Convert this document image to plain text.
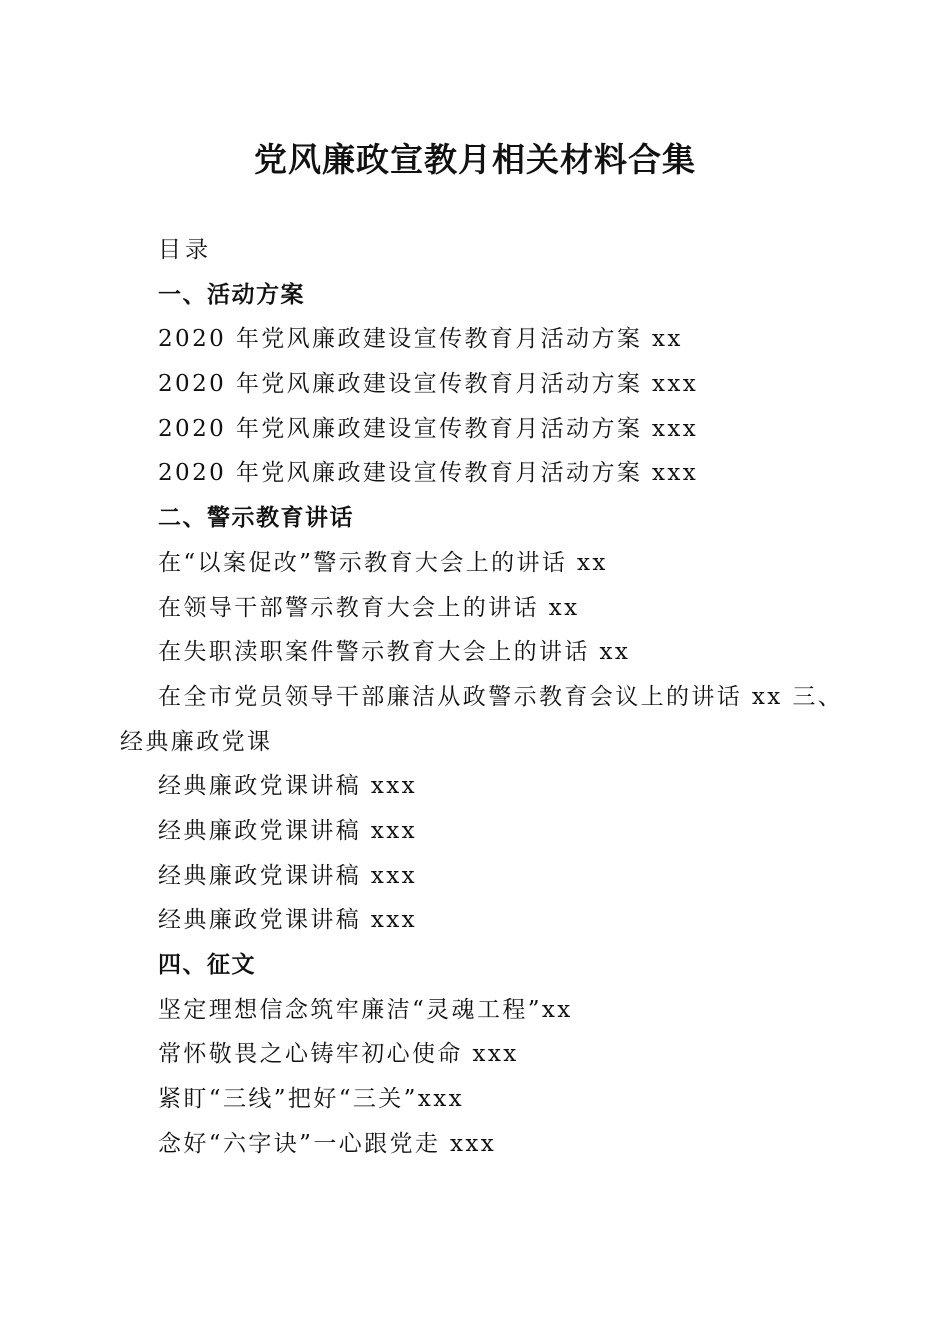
党风廉政宣教月相关材料合集
目录
一、活动方案
2020 年党风廉政建设宣传教育月活动方案 xx
2020 年党风廉政建设宣传教育月活动方案 xxx
2020 年党风廉政建设宣传教育月活动方案 xxx
2020 年党风廉政建设宣传教育月活动方案 xxx
二、警示教育讲话
在“以案促改”警示教育大会上的讲话 xx
在领导干部警示教育大会上的讲话 xx
在失职渎职案件警示教育大会上的讲话 xx
在全市党员领导干部廉洁从政警示教育会议上的讲话 xx 三、
经典廉政党课
经典廉政党课讲稿 xxx
经典廉政党课讲稿 xxx
经典廉政党课讲稿 xxx
经典廉政党课讲稿 xxx
四、征文
坚定理想信念筑牢廉洁“灵魂工程”xx
常怀敬畏之心铸牢初心使命 xxx
紧盯“三线”把好“三关”xxx
念好“六字诀”一心跟党走 xxx
